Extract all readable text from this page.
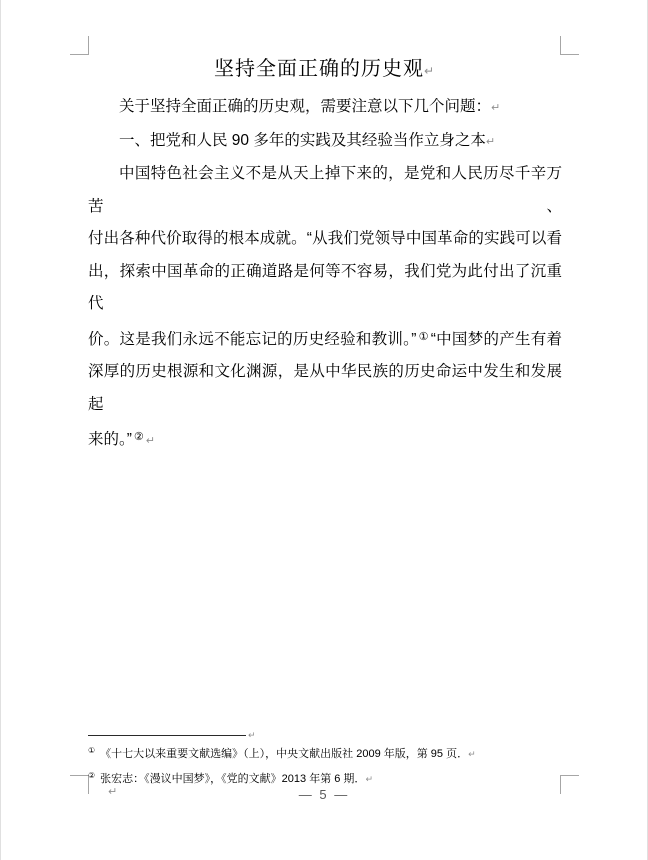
坚持全面正确的历史观↵
关于坚持全面正确的历史观，需要注意以下几个问题：↵
一、把党和人民 90 多年的实践及其经验当作立身之本↵
中国特色社会主义不是从天上掉下来的，是党和人民历尽千辛万苦、
付出各种代价取得的根本成就。“从我们党领导中国革命的实践可以看
出，探索中国革命的正确道路是何等不容易，我们党为此付出了沉重代
价。这是我们永远不能忘记的历史经验和教训。” ① “中国梦的产生有着
深厚的历史根源和文化渊源，是从中华民族的历史命运中发生和发展起
来的。” ② ↵
↵
① 《十七大以来重要文献选编》（上），中央文献出版社 2009 年版，第 95 页．↵
② 张宏志：《漫议中国梦》，《党的文献》2013 年第 6 期．↵
↵	— 5 —
